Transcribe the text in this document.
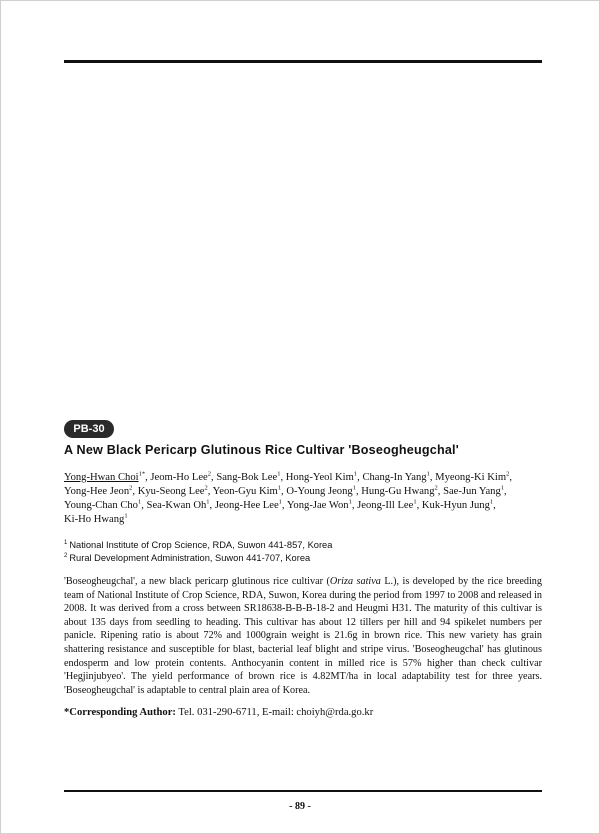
PB-30
A New Black Pericarp Glutinous Rice Cultivar 'Boseogheugchal'
Yong-Hwan Choi$^{1*}$, Jeom-Ho Lee$^2$, Sang-Bok Lee$^1$, Hong-Yeol Kim$^1$, Chang-In Yang$^1$, Myeong-Ki Kim$^2$, Yong-Hee Jeon$^2$, Kyu-Seong Lee$^2$, Yeon-Gyu Kim$^1$, O-Young Jeong$^1$, Hung-Gu Hwang$^2$, Sae-Jun Yang$^1$, Young-Chan Cho$^1$, Sea-Kwan Oh$^1$, Jeong-Hee Lee$^1$, Yong-Jae Won$^1$, Jeong-Ill Lee$^1$, Kuk-Hyun Jung$^1$, Ki-Ho Hwang$^1$
$^1$ National Institute of Crop Science, RDA, Suwon 441-857, Korea
$^2$ Rural Development Administration, Suwon 441-707, Korea

'Boseogheugchal', a new black pericarp glutinous rice cultivar (Oriza sativa L.), is developed by the rice breeding team of National Institute of Crop Science, RDA, Suwon, Korea during the period from 1997 to 2008 and released in 2008. It was derived from a cross between SR18638-B-B-B-18-2 and Heugmi H31. The maturity of this cultivar is about 135 days from seedling to heading. This cultivar has about 12 tillers per hill and 94 spikelet numbers per panicle. Ripening ratio is about 72% and 1000grain weight is 21.6g in brown rice. This new variety has grain shattering resistance and susceptible for blast, bacterial leaf blight and stripe virus. 'Boseogheugchal' has glutinous endosperm and low protein contents. Anthocyanin content in milled rice is 57% higher than check cultivar 'Hegjinjubyeo'. The yield performance of brown rice is 4.82MT/ha in local adaptability test for three years. 'Boseogheugchal' is adaptable to central plain area of Korea.

*Corresponding Author: Tel. 031-290-6711, E-mail: choiyh@rda.go.kr
- 89 -
